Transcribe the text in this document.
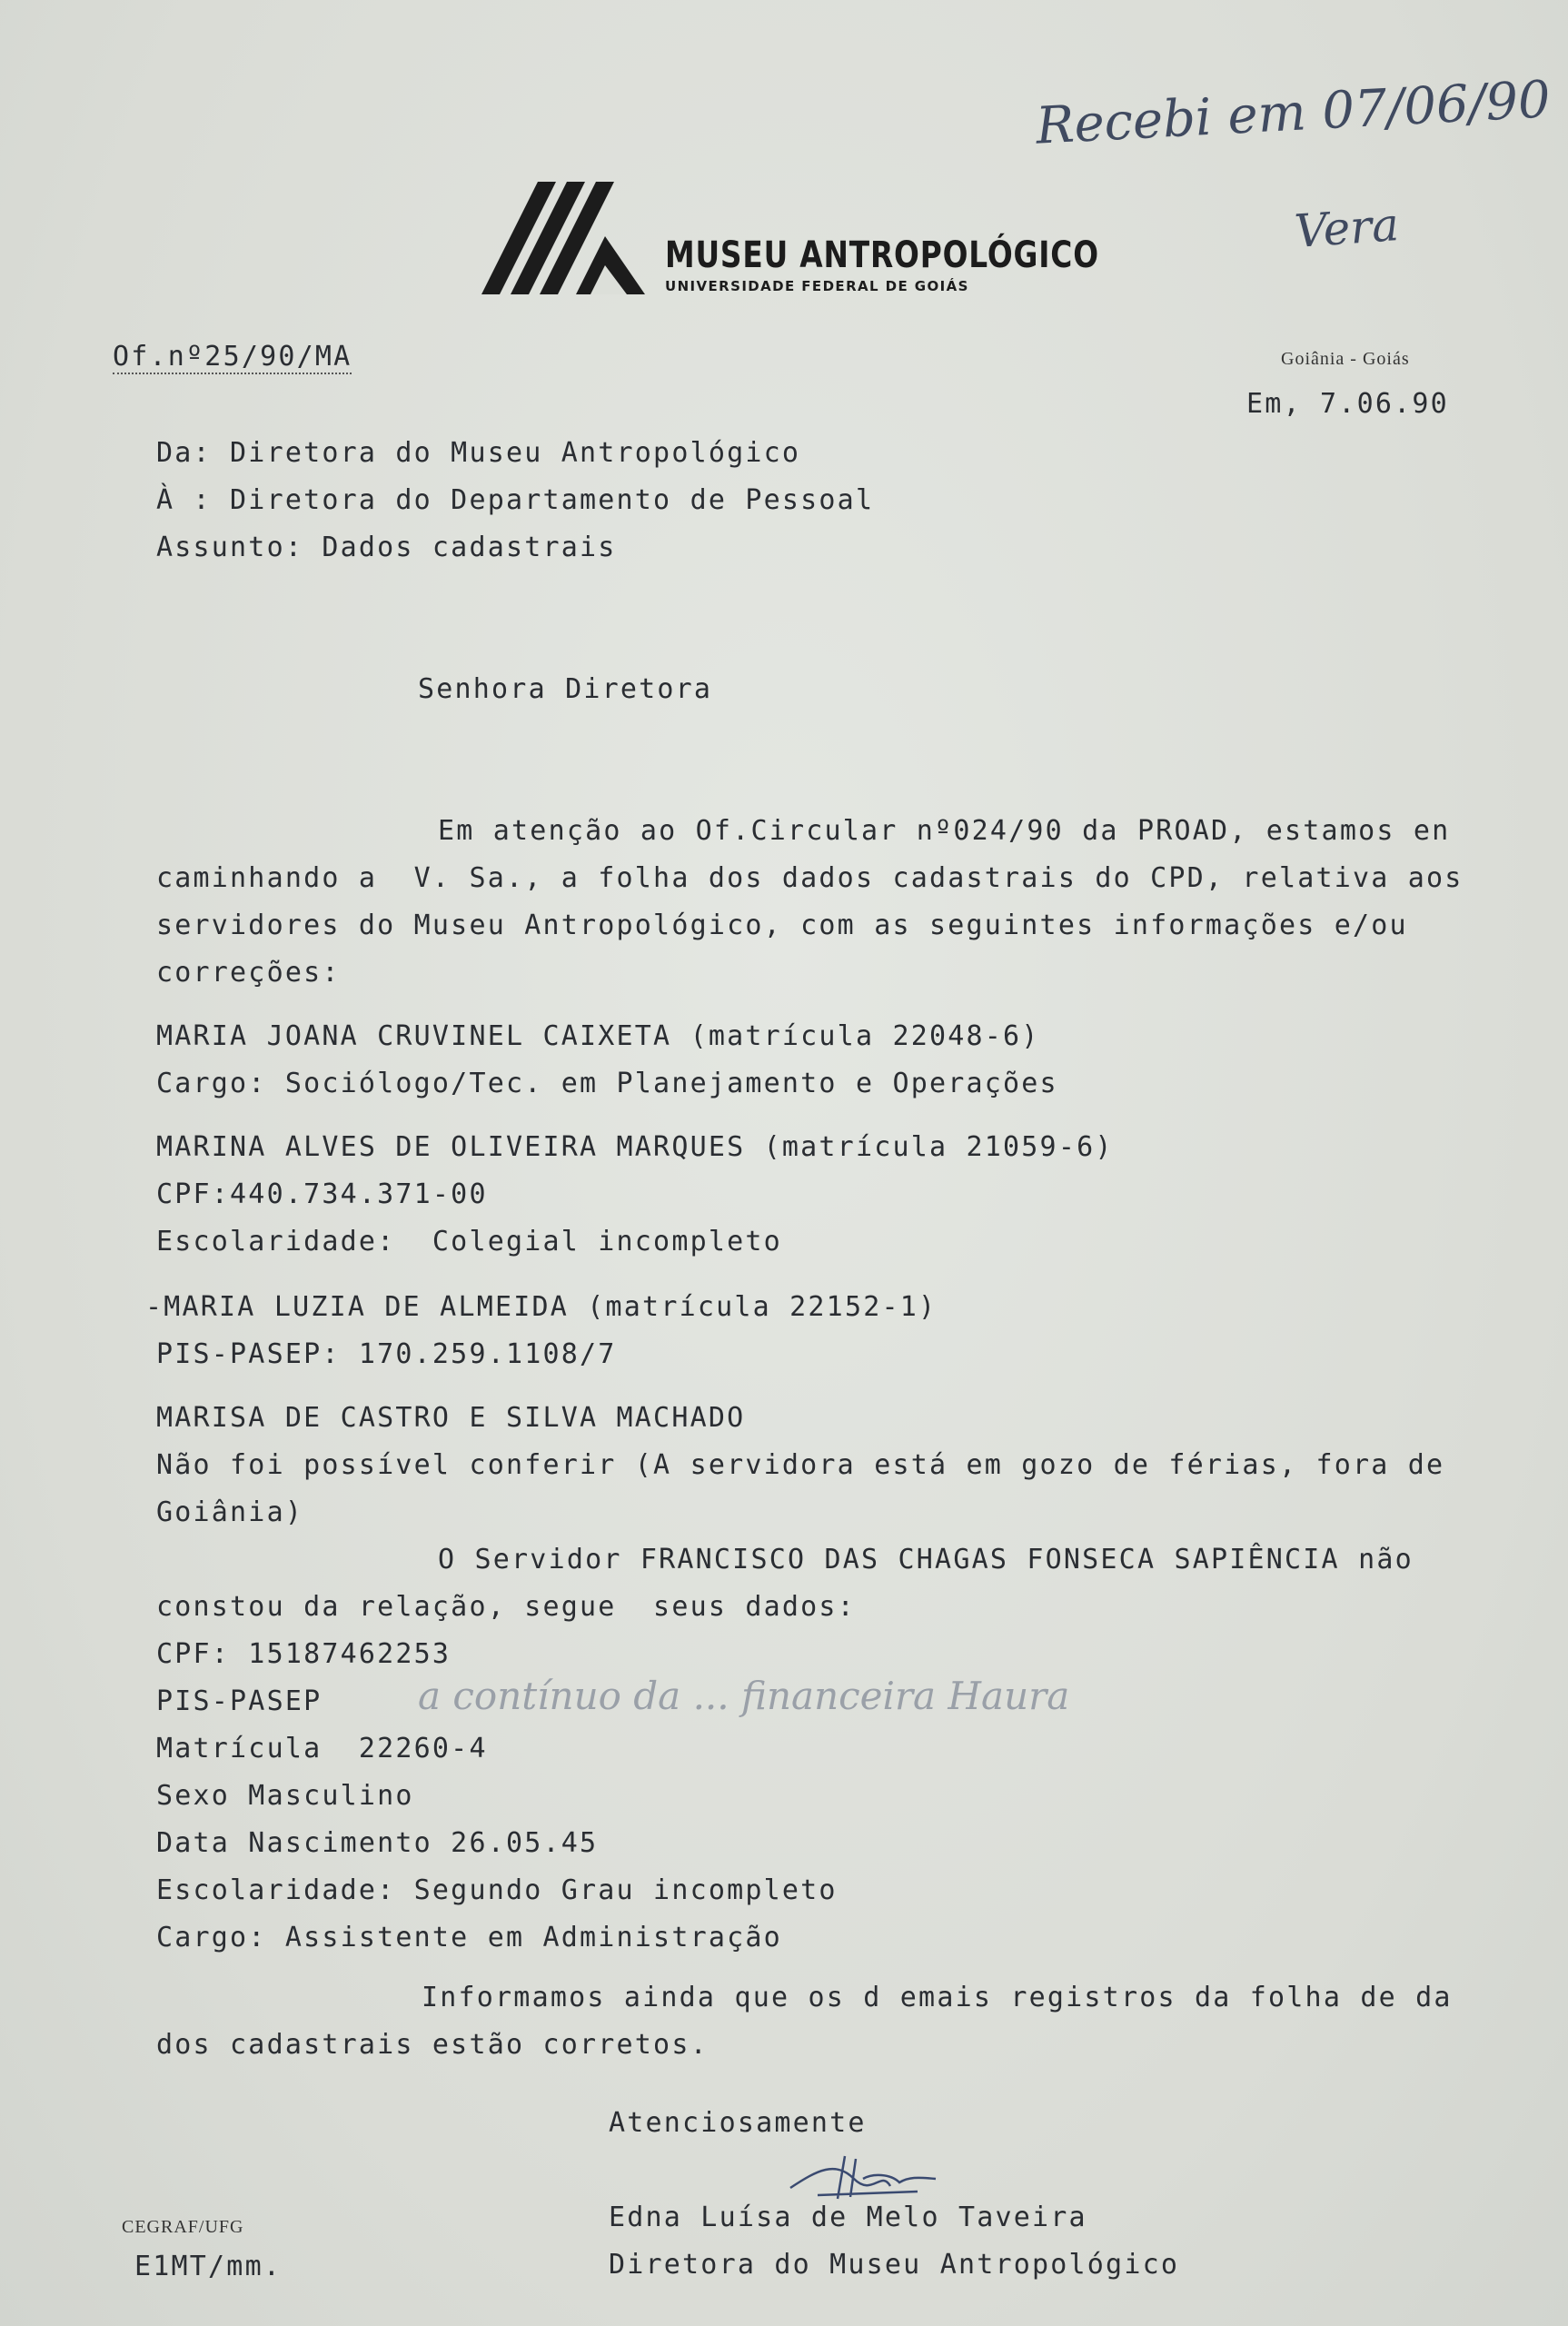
Recebi em 07/06/90
Vera
MUSEU ANTROPOLÓGICO
UNIVERSIDADE FEDERAL DE GOIÁS
Of.nº25/90/MA	Goiânia - Goiás
Em, 7.06.90
Da: Diretora do Museu Antropológico
À : Diretora do Departamento de Pessoal
Assunto: Dados cadastrais
Senhora Diretora
Em atenção ao Of.Circular nº024/90 da PROAD, estamos en
caminhando a  V. Sa., a folha dos dados cadastrais do CPD, relativa aos
servidores do Museu Antropológico, com as seguintes informações e/ou
correções:
MARIA JOANA CRUVINEL CAIXETA (matrícula 22048-6)
Cargo: Sociólogo/Tec. em Planejamento e Operações
MARINA ALVES DE OLIVEIRA MARQUES (matrícula 21059-6)
CPF:440.734.371-00
Escolaridade:  Colegial incompleto
-MARIA LUZIA DE ALMEIDA (matrícula 22152-1)
PIS-PASEP: 170.259.1108/7
MARISA DE CASTRO E SILVA MACHADO
Não foi possível conferir (A servidora está em gozo de férias, fora de
Goiânia)
O Servidor FRANCISCO DAS CHAGAS FONSECA SAPIÊNCIA não
constou da relação, segue  seus dados:
CPF: 15187462253
PIS-PASEP	a contínuo da ... financeira Haura
Matrícula  22260-4
Sexo Masculino
Data Nascimento 26.05.45
Escolaridade: Segundo Grau incompleto
Cargo: Assistente em Administração
Informamos ainda que os d emais registros da folha de da
dos cadastrais estão corretos.
Atenciosamente
Edna Luísa de Melo Taveira
Diretora do Museu Antropológico
CEGRAF/UFG
E1MT/mm.
